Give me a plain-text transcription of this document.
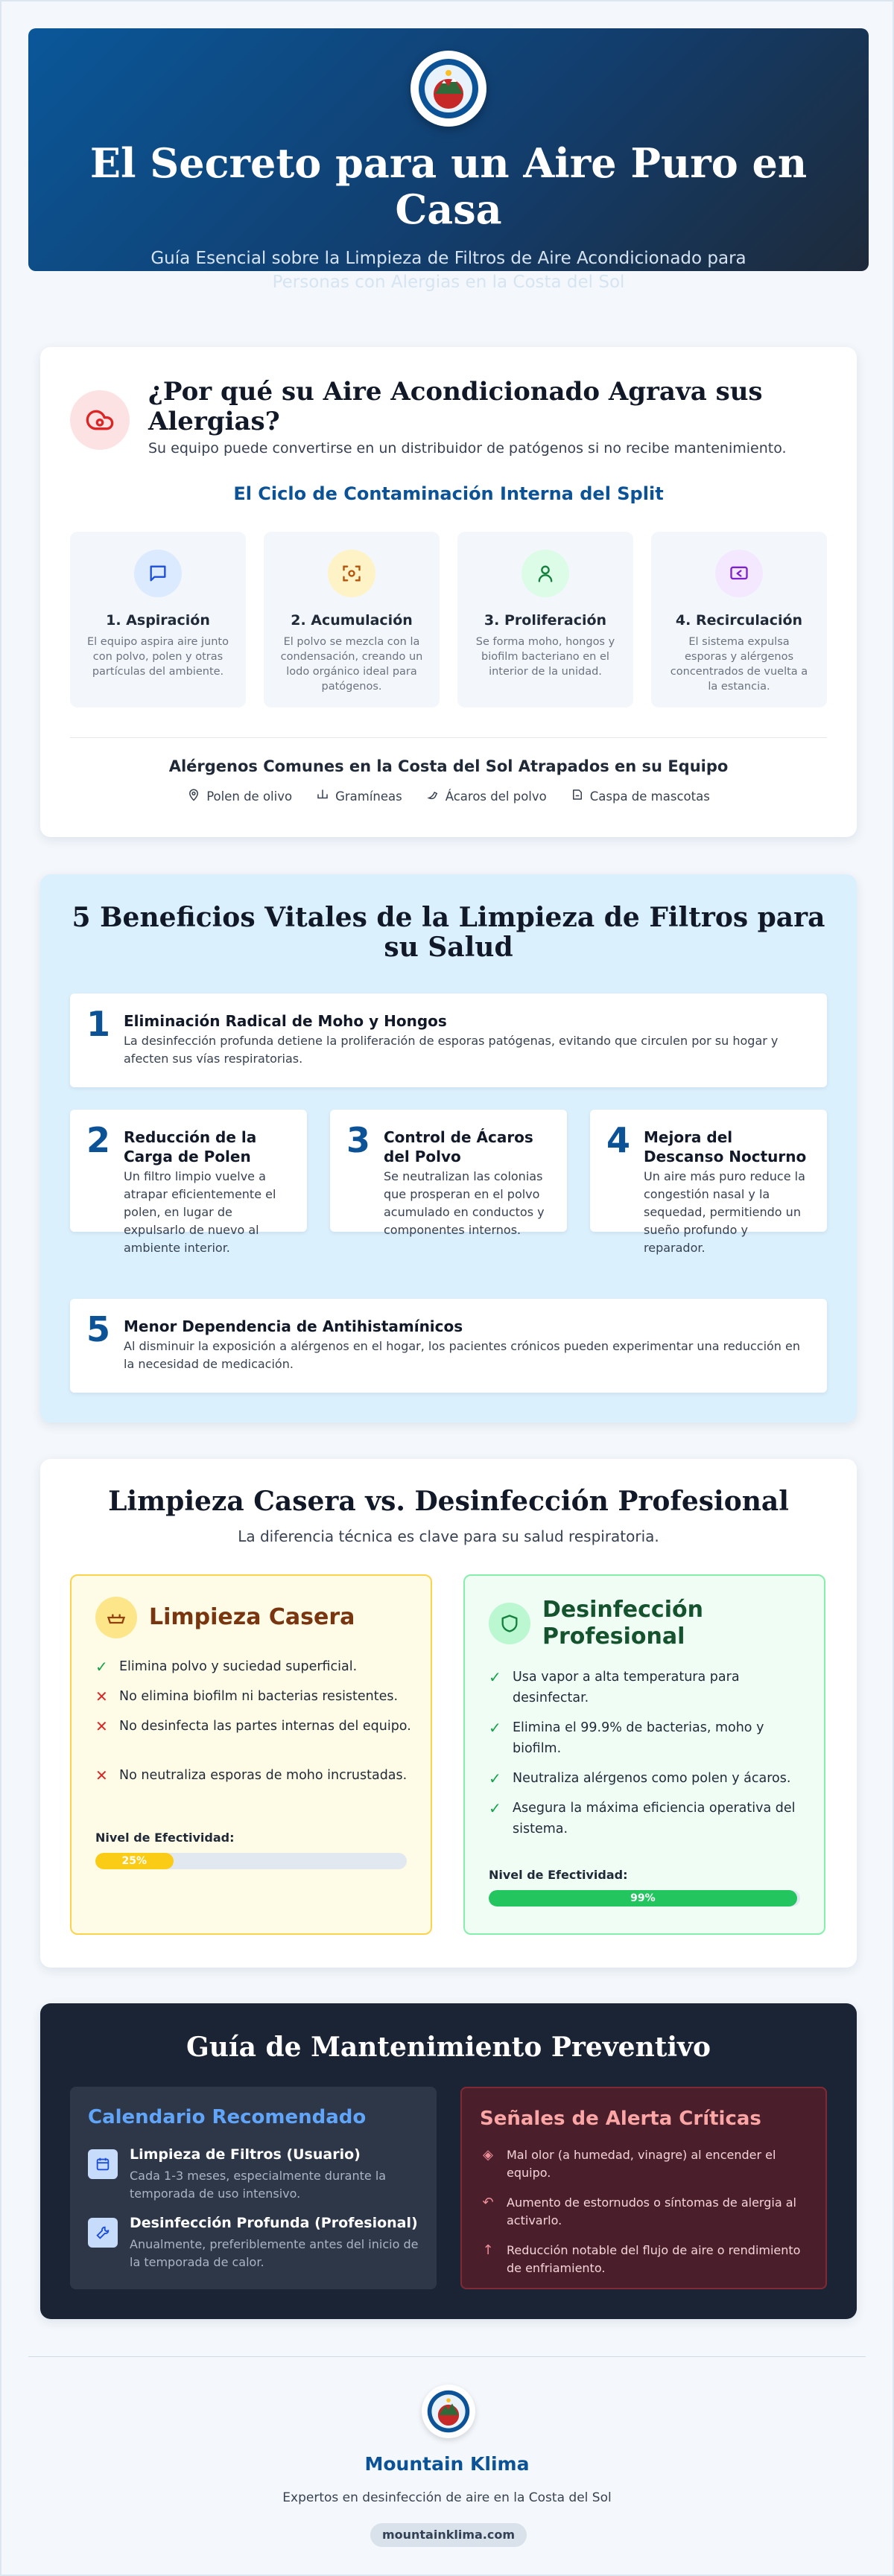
El Secreto para un Aire Puro en Casa

Guía Esencial sobre la Limpieza de Filtros de Aire Acondicionado para Personas con Alergias en la Costa del Sol

¿Por qué su Aire Acondicionado Agrava sus Alergias?

Su equipo puede convertirse en un distribuidor de patógenos si no recibe mantenimiento.

El Ciclo de Contaminación Interna del Split
1. Aspiración
El equipo aspira aire junto con polvo, polen y otras partículas del ambiente.
2. Acumulación
El polvo se mezcla con la condensación, creando un lodo orgánico ideal para patógenos.
3. Proliferación
Se forma moho, hongos y biofilm bacteriano en el interior de la unidad.
4. Recirculación
El sistema expulsa esporas y alérgenos concentrados de vuelta a la estancia.
Alérgenos Comunes en la Costa del Sol Atrapados en su Equipo
Polen de olivo	Gramíneas	Ácaros del polvo	Caspa de mascotas
5 Beneficios Vitales de la Limpieza de Filtros para su Salud
1 Eliminación Radical de Moho y Hongos
La desinfección profunda detiene la proliferación de esporas patógenas, evitando que circulen por su hogar y afecten sus vías respiratorias.
2 Reducción de la Carga de Polen
Un filtro limpio vuelve a atrapar eficientemente el polen, en lugar de expulsarlo de nuevo al ambiente interior.
3 Control de Ácaros del Polvo
Se neutralizan las colonias que prosperan en el polvo acumulado en conductos y componentes internos.
4 Mejora del Descanso Nocturno
Un aire más puro reduce la congestión nasal y la sequedad, permitiendo un sueño profundo y reparador.
5 Menor Dependencia de Antihistamínicos
Al disminuir la exposición a alérgenos en el hogar, los pacientes crónicos pueden experimentar una reducción en la necesidad de medicación.
Limpieza Casera vs. Desinfección Profesional

La diferencia técnica es clave para su salud respiratoria.

Limpieza Casera
✓ Elimina polvo y suciedad superficial.
✕ No elimina biofilm ni bacterias resistentes.
✕ No desinfecta las partes internas del equipo.
✕ No neutraliza esporas de moho incrustadas.
Nivel de Efectividad:
25%
Desinfección Profesional
✓ Usa vapor a alta temperatura para desinfectar.
✓ Elimina el 99.9% de bacterias, moho y biofilm.
✓ Neutraliza alérgenos como polen y ácaros.
✓ Asegura la máxima eficiencia operativa del sistema.
Nivel de Efectividad:
99%
Guía de Mantenimiento Preventivo
Calendario Recomendado
Limpieza de Filtros (Usuario)
Cada 1-3 meses, especialmente durante la temporada de uso intensivo.
Desinfección Profunda (Profesional)
Anualmente, preferiblemente antes del inicio de la temporada de calor.
Señales de Alerta Críticas
◈ Mal olor (a humedad, vinagre) al encender el equipo.
↶ Aumento de estornudos o síntomas de alergia al activarlo.
↑ Reducción notable del flujo de aire o rendimiento de enfriamiento.
Mountain Klima
Expertos en desinfección de aire en la Costa del Sol
mountainklima.com
